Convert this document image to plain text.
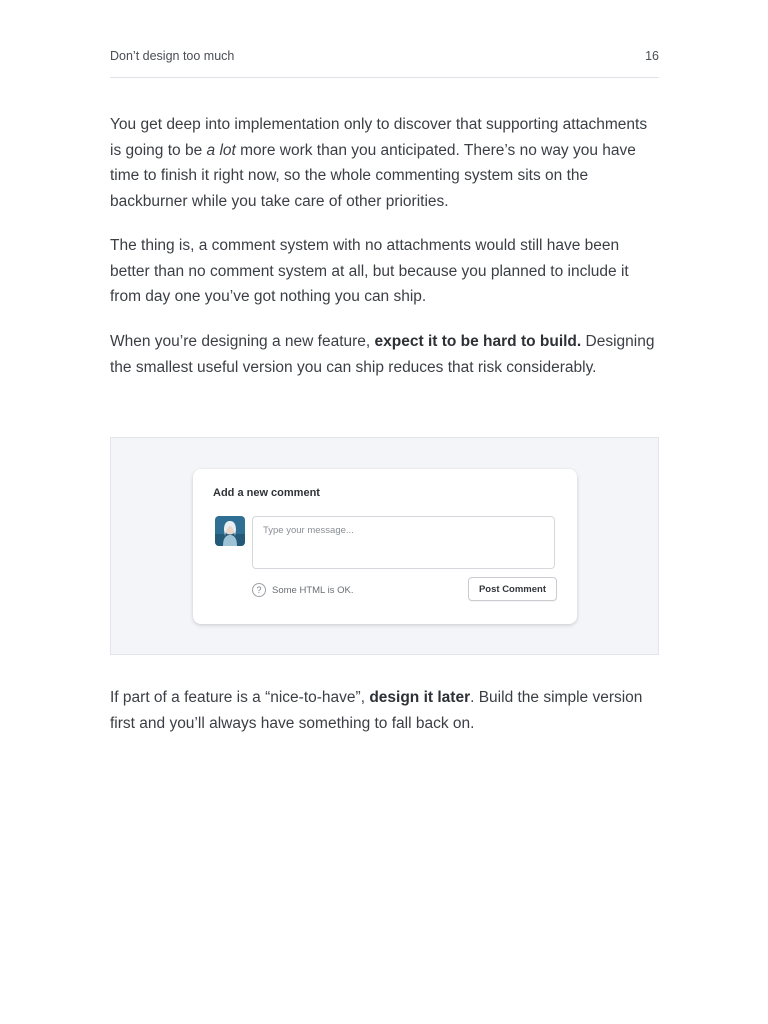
Don’t design too much	16

You get deep into implementation only to discover that supporting attachments is going to be a lot more work than you anticipated. There’s no way you have time to finish it right now, so the whole commenting system sits on the backburner while you take care of other priorities.

The thing is, a comment system with no attachments would still have been better than no comment system at all, but because you planned to include it from day one you’ve got nothing you can ship.

When you’re designing a new feature, expect it to be hard to build. Designing the smallest useful version you can ship reduces that risk considerably.

Add a new comment
Type your message...
?	Some HTML is OK.	Post Comment

If part of a feature is a “nice-to-have”, design it later. Build the simple version first and you’ll always have something to fall back on.
